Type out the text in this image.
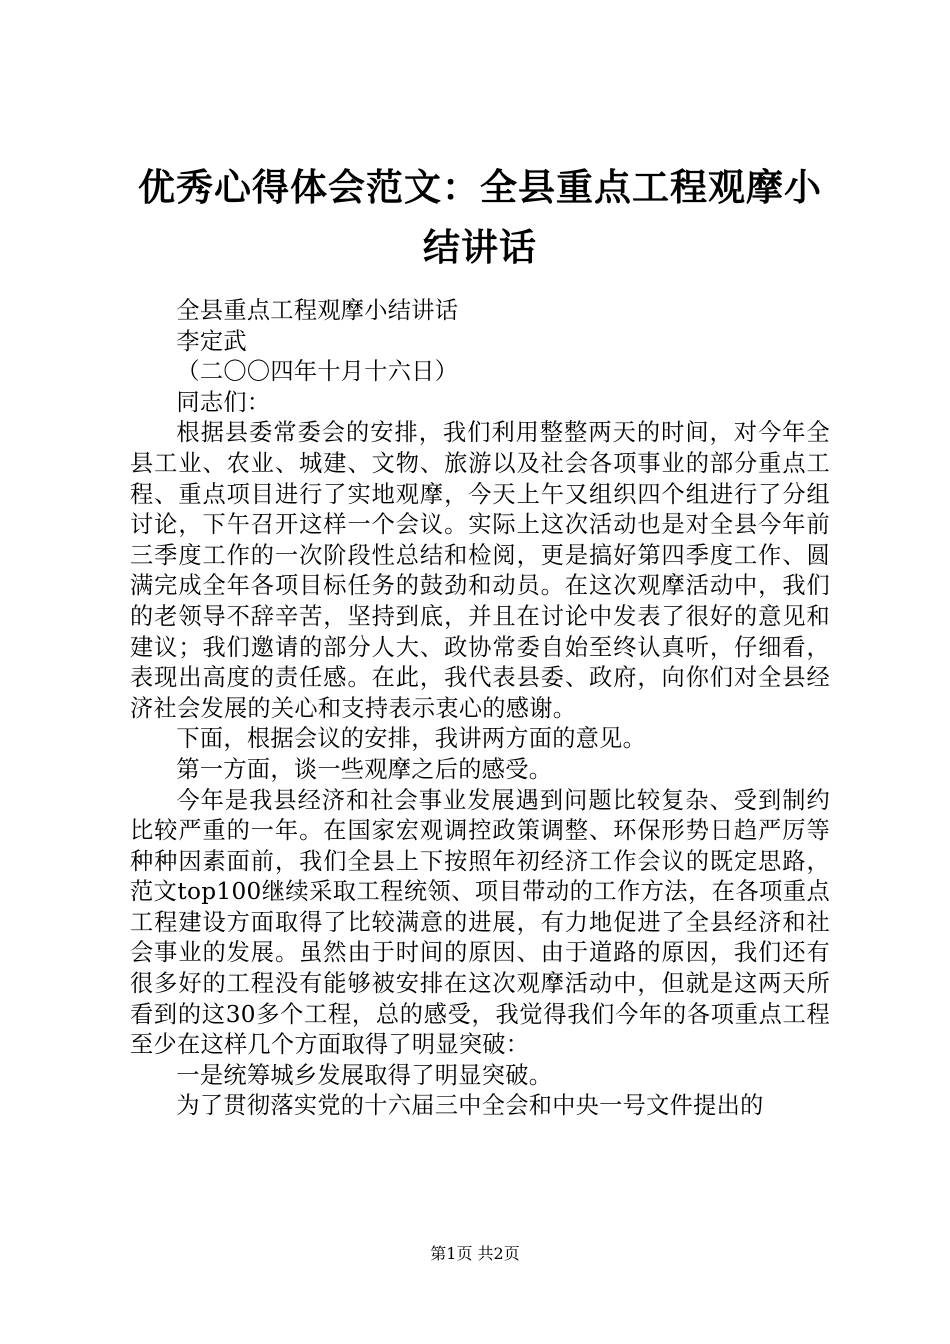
优秀心得体会范文：全县重点工程观摩小结讲话

全县重点工程观摩小结讲话

李定武

（二〇〇四年十月十六日）

同志们：

根据县委常委会的安排，我们利用整整两天的时间，对今年全县工业、农业、城建、文物、旅游以及社会各项事业的部分重点工程、重点项目进行了实地观摩，今天上午又组织四个组进行了分组讨论，下午召开这样一个会议。实际上这次活动也是对全县今年前三季度工作的一次阶段性总结和检阅，更是搞好第四季度工作、圆满完成全年各项目标任务的鼓劲和动员。在这次观摩活动中，我们的老领导不辞辛苦，坚持到底，并且在讨论中发表了很好的意见和建议；我们邀请的部分人大、政协常委自始至终认真听，仔细看，表现出高度的责任感。在此，我代表县委、政府，向你们对全县经济社会发展的关心和支持表示衷心的感谢。

下面，根据会议的安排，我讲两方面的意见。

第一方面，谈一些观摩之后的感受。

今年是我县经济和社会事业发展遇到问题比较复杂、受到制约比较严重的一年。在国家宏观调控政策调整、环保形势日趋严厉等种种因素面前，我们全县上下按照年初经济工作会议的既定思路，范文top100继续采取工程统领、项目带动的工作方法，在各项重点工程建设方面取得了比较满意的进展，有力地促进了全县经济和社会事业的发展。虽然由于时间的原因、由于道路的原因，我们还有很多好的工程没有能够被安排在这次观摩活动中，但就是这两天所看到的这30多个工程，总的感受，我觉得我们今年的各项重点工程至少在这样几个方面取得了明显突破：

一是统筹城乡发展取得了明显突破。

为了贯彻落实党的十六届三中全会和中央一号文件提出的

第1页 共2页
